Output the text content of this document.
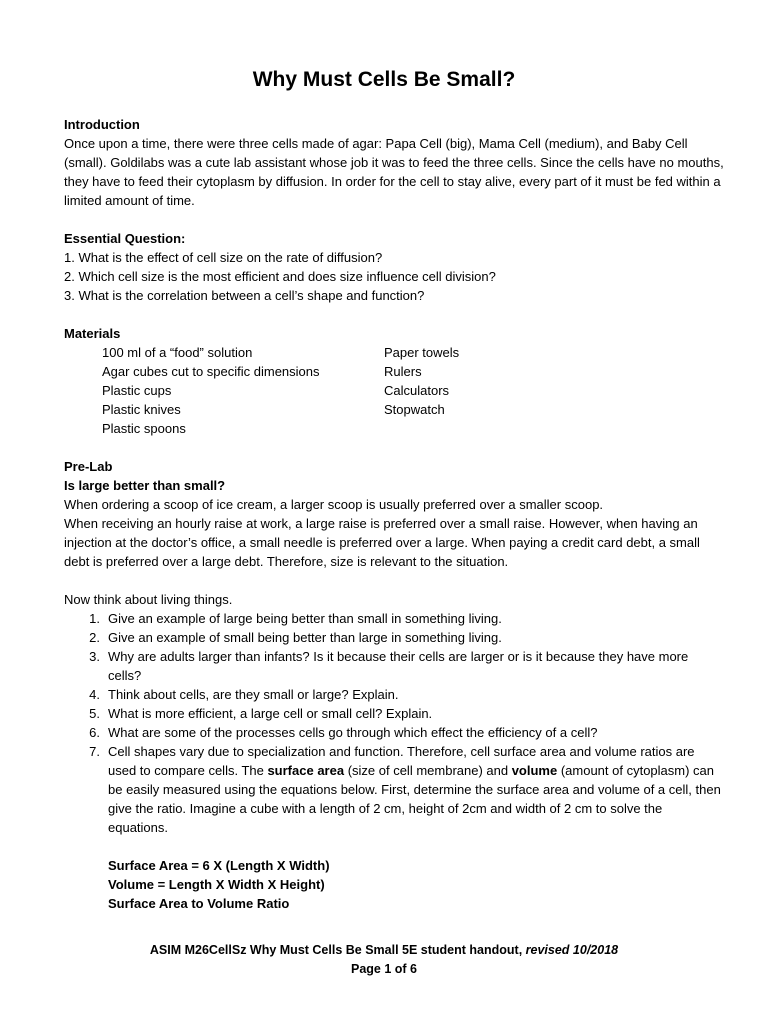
Why Must Cells Be Small?

Introduction

Once upon a time, there were three cells made of agar: Papa Cell (big), Mama Cell (medium), and Baby Cell (small). Goldilabs was a cute lab assistant whose job it was to feed the three cells. Since the cells have no mouths, they have to feed their cytoplasm by diffusion. In order for the cell to stay alive, every part of it must be fed within a limited amount of time.

Essential Question:

1. What is the effect of cell size on the rate of diffusion?
2. Which cell size is the most efficient and does size influence cell division?
3. What is the correlation between a cell’s shape and function?

Materials

100 ml of a “food” solution
Agar cubes cut to specific dimensions
Plastic cups
Plastic knives
Plastic spoons
Paper towels
Rulers
Calculators
Stopwatch

Pre-Lab

Is large better than small?

When ordering a scoop of ice cream, a larger scoop is usually preferred over a smaller scoop.

When receiving an hourly raise at work, a large raise is preferred over a small raise. However, when having an injection at the doctor’s office, a small needle is preferred over a large. When paying a credit card debt, a small debt is preferred over a large debt. Therefore, size is relevant to the situation.

Now think about living things.

1. Give an example of large being better than small in something living.
2. Give an example of small being better than large in something living.
3. Why are adults larger than infants? Is it because their cells are larger or is it because they have more cells?
4. Think about cells, are they small or large? Explain.
5. What is more efficient, a large cell or small cell? Explain.
6. What are some of the processes cells go through which effect the efficiency of a cell?
7. Cell shapes vary due to specialization and function. Therefore, cell surface area and volume ratios are used to compare cells. The surface area (size of cell membrane) and volume (amount of cytoplasm) can be easily measured using the equations below. First, determine the surface area and volume of a cell, then give the ratio. Imagine a cube with a length of 2 cm, height of 2cm and width of 2 cm to solve the equations.

Surface Area = 6 X (Length X Width)

Volume = Length X Width X Height)

Surface Area to Volume Ratio

ASIM M26CellSz Why Must Cells Be Small 5E student handout, revised 10/2018
Page 1 of 6
